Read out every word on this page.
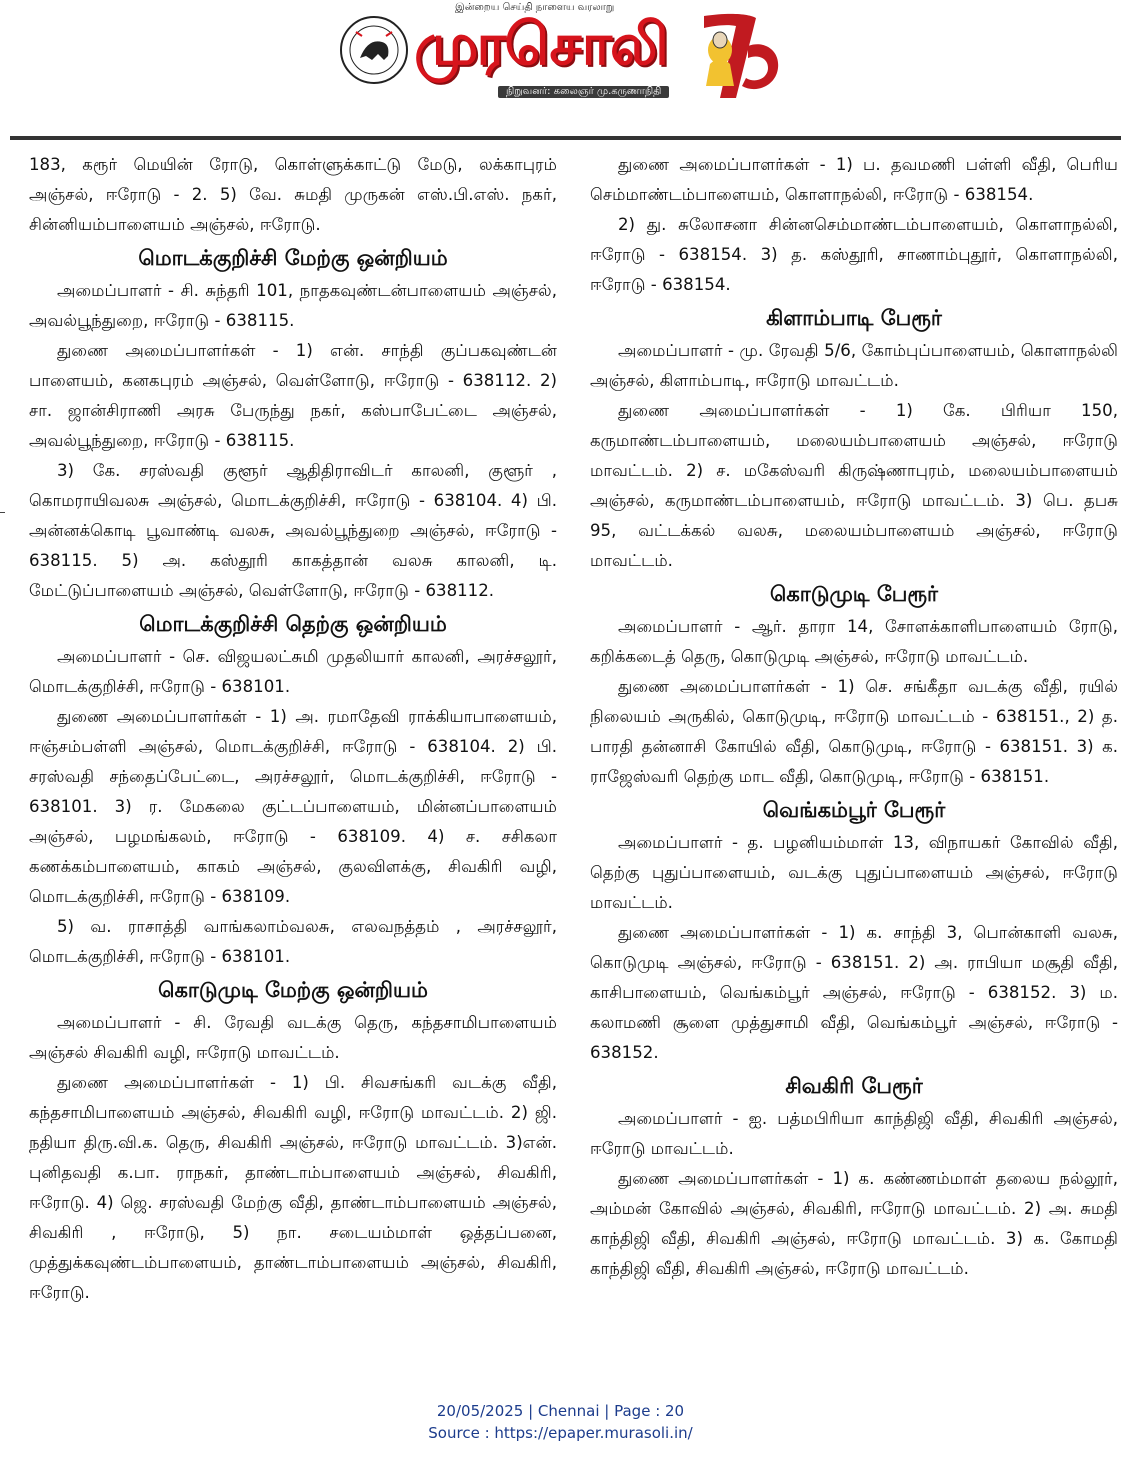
இன்றைய செய்தி நாளைய வரலாறு
முரசொலி
நிறுவனர்: கலைஞர் மு.கருணாநிதி
183, கரூர் மெயின் ரோடு, கொள்ளுக்காட்டு மேடு, லக்காபுரம் அஞ்சல், ஈரோடு - 2. 5) வே. சுமதி முருகன் எஸ்.பி.எஸ். நகர், சின்னியம்பாளையம் அஞ்சல், ஈரோடு.
மொடக்குறிச்சி மேற்கு ஒன்றியம்
அமைப்பாளர் - சி. சுந்தரி 101, நாதகவுண்டன்பாளையம் அஞ்சல், அவல்பூந்துறை, ஈரோடு - 638115.
துணை அமைப்பாளர்கள் - 1) என். சாந்தி குப்பகவுண்டன் பாளையம், கனகபுரம் அஞ்சல், வெள்ளோடு, ஈரோடு - 638112. 2) சா. ஜான்சிராணி அரசு பேருந்து நகர், கஸ்பாபேட்டை அஞ்சல், அவல்பூந்துறை, ஈரோடு - 638115.
3) கே. சரஸ்வதி குளூர் ஆதிதிராவிடர் காலனி, குளூர் , கொமராயிவலசு அஞ்சல், மொடக்குறிச்சி, ஈரோடு - 638104. 4) பி. அன்னக்கொடி பூவாண்டி வலசு, அவல்பூந்துறை அஞ்சல், ஈரோடு - 638115. 5) அ. கஸ்தூரி காகத்தான் வலசு காலனி, டி. மேட்டுப்பாளையம் அஞ்சல், வெள்ளோடு, ஈரோடு - 638112.
மொடக்குறிச்சி தெற்கு ஒன்றியம்
அமைப்பாளர் - செ. விஜயலட்சுமி முதலியார் காலனி, அரச்சலூர், மொடக்குறிச்சி, ஈரோடு - 638101.
துணை அமைப்பாளர்கள் - 1) அ. ரமாதேவி ராக்கியாபாளையம், ஈஞ்சம்பள்ளி அஞ்சல், மொடக்குறிச்சி, ஈரோடு - 638104. 2) பி. சரஸ்வதி சந்தைப்பேட்டை, அரச்சலூர், மொடக்குறிச்சி, ஈரோடு - 638101. 3) ர. மேகலை குட்டப்பாளையம், மின்னப்பாளையம் அஞ்சல், பழமங்கலம், ஈரோடு - 638109. 4) ச. சசிகலா கணக்கம்பாளையம், காகம் அஞ்சல், குலவிளக்கு, சிவகிரி வழி, மொடக்குறிச்சி, ஈரோடு - 638109.
5) வ. ராசாத்தி வாங்கலாம்வலசு, எலவநத்தம் , அரச்சலூர், மொடக்குறிச்சி, ஈரோடு - 638101.
கொடுமுடி மேற்கு ஒன்றியம்
அமைப்பாளர் - சி. ரேவதி வடக்கு தெரு, கந்தசாமிபாளையம் அஞ்சல் சிவகிரி வழி, ஈரோடு மாவட்டம்.
துணை அமைப்பாளர்கள் - 1) பி. சிவசங்கரி வடக்கு வீதி, கந்தசாமிபாளையம் அஞ்சல், சிவகிரி வழி, ஈரோடு மாவட்டம். 2) ஜி. நதியா திரு.வி.க. தெரு, சிவகிரி அஞ்சல், ஈரோடு மாவட்டம். 3)என். புனிதவதி க.பா. ராநகர், தாண்டாம்பாளையம் அஞ்சல், சிவகிரி, ஈரோடு. 4) ஜெ. சரஸ்வதி மேற்கு வீதி, தாண்டாம்பாளையம் அஞ்சல், சிவகிரி , ஈரோடு, 5) நா. சடையம்மாள் ஒத்தப்பனை, முத்துக்கவுண்டம்பாளையம், தாண்டாம்பாளையம் அஞ்சல், சிவகிரி, ஈரோடு.
துணை அமைப்பாளர்கள் - 1) ப. தவமணி பள்ளி வீதி, பெரிய செம்மாண்டம்பாளையம், கொளாநல்லி, ஈரோடு - 638154.
2) து. சுலோசனா சின்னசெம்மாண்டம்பாளையம், கொளாநல்லி, ஈரோடு - 638154. 3) த. கஸ்தூரி, சாணாம்புதூர், கொளாநல்லி, ஈரோடு - 638154.
கிளாம்பாடி பேரூர்
அமைப்பாளர் - மு. ரேவதி 5/6, கோம்புப்பாளையம், கொளாநல்லி அஞ்சல், கிளாம்பாடி, ஈரோடு மாவட்டம்.
துணை அமைப்பாளர்கள் - 1) கே. பிரியா 150, கருமாண்டம்பாளையம், மலையம்பாளையம் அஞ்சல், ஈரோடு மாவட்டம். 2) ச. மகேஸ்வரி கிருஷ்ணாபுரம், மலையம்பாளையம் அஞ்சல், கருமாண்டம்பாளையம், ஈரோடு மாவட்டம். 3) பெ. தபசு 95, வட்டக்கல் வலசு, மலையம்பாளையம் அஞ்சல், ஈரோடு மாவட்டம்.
கொடுமுடி பேரூர்
அமைப்பாளர் - ஆர். தாரா 14, சோளக்காளிபாளையம் ரோடு, கறிக்கடைத் தெரு, கொடுமுடி அஞ்சல், ஈரோடு மாவட்டம்.
துணை அமைப்பாளர்கள் - 1) செ. சங்கீதா வடக்கு வீதி, ரயில் நிலையம் அருகில், கொடுமுடி, ஈரோடு மாவட்டம் - 638151., 2) த. பாரதி தன்னாசி கோயில் வீதி, கொடுமுடி, ஈரோடு - 638151. 3) க. ராஜேஸ்வரி தெற்கு மாட வீதி, கொடுமுடி, ஈரோடு - 638151.
வெங்கம்பூர் பேரூர்
அமைப்பாளர் - த. பழனியம்மாள் 13, விநாயகர் கோவில் வீதி, தெற்கு புதுப்பாளையம், வடக்கு புதுப்பாளையம் அஞ்சல், ஈரோடு மாவட்டம்.
துணை அமைப்பாளர்கள் - 1) க. சாந்தி 3, பொன்காளி வலசு, கொடுமுடி அஞ்சல், ஈரோடு - 638151. 2) அ. ராபியா மசூதி வீதி, காசிபாளையம், வெங்கம்பூர் அஞ்சல், ஈரோடு - 638152. 3) ம. கலாமணி சூளை முத்துசாமி வீதி, வெங்கம்பூர் அஞ்சல், ஈரோடு - 638152.
சிவகிரி பேரூர்
அமைப்பாளர் - ஐ. பத்மபிரியா காந்திஜி வீதி, சிவகிரி அஞ்சல், ஈரோடு மாவட்டம்.
துணை அமைப்பாளர்கள் - 1) க. கண்ணம்மாள் தலைய நல்லூர், அம்மன் கோவில் அஞ்சல், சிவகிரி, ஈரோடு மாவட்டம். 2) அ. சுமதி காந்திஜி வீதி, சிவகிரி அஞ்சல், ஈரோடு மாவட்டம். 3) க. கோமதி காந்திஜி வீதி, சிவகிரி அஞ்சல், ஈரோடு மாவட்டம்.
20/05/2025 | Chennai | Page : 20
Source : https://epaper.murasoli.in/
